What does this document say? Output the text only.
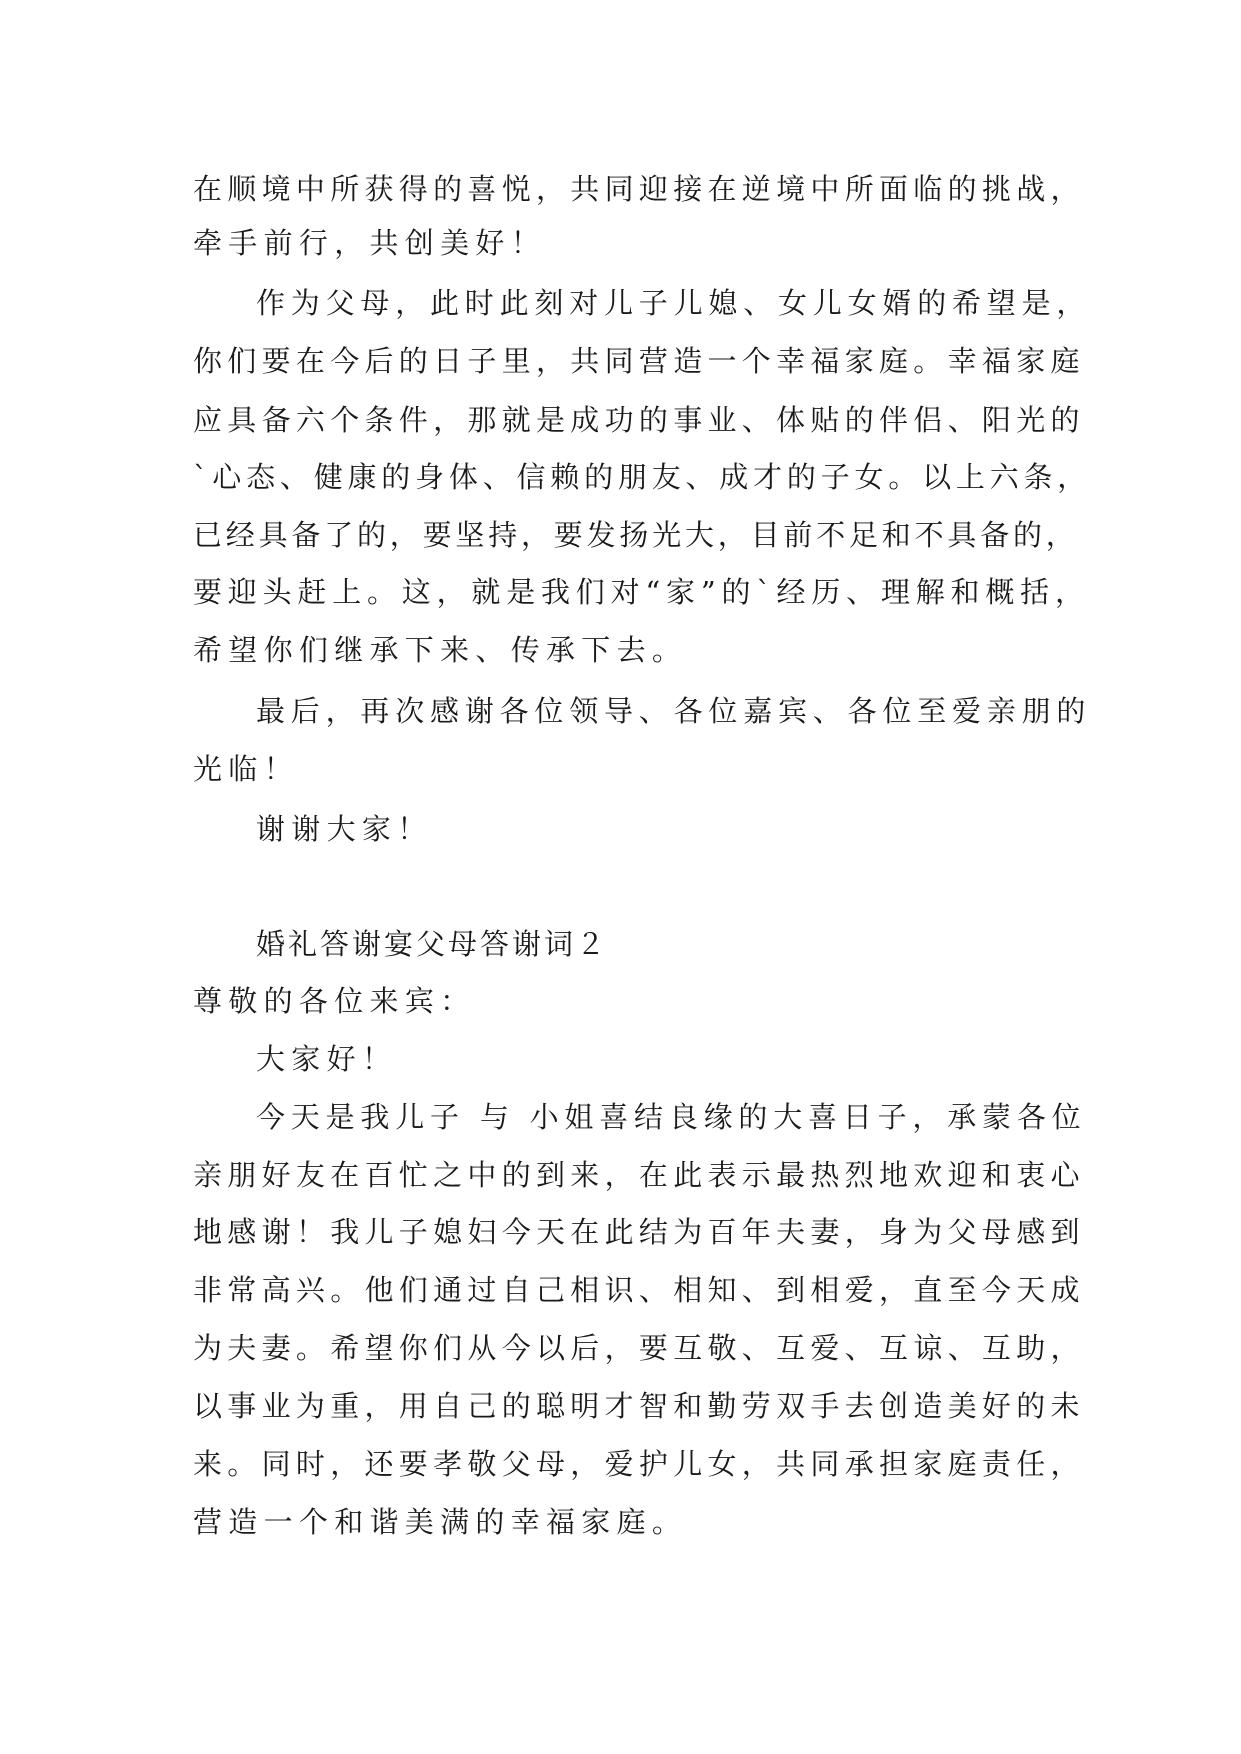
在顺境中所获得的喜悦，共同迎接在逆境中所面临的挑战，
牵手前行，共创美好！
作为父母，此时此刻对儿子儿媳、女儿女婿的希望是，
你们要在今后的日子里，共同营造一个幸福家庭。幸福家庭
应具备六个条件，那就是成功的事业、体贴的伴侣、阳光的
`心态、健康的身体、信赖的朋友、成才的子女。以上六条，
已经具备了的，要坚持，要发扬光大，目前不足和不具备的，
要迎头赶上。这，就是我们对“家”的`经历、理解和概括，
希望你们继承下来、传承下去。
最后，再次感谢各位领导、各位嘉宾、各位至爱亲朋的
光临！
谢谢大家！
婚礼答谢宴父母答谢词２
尊敬的各位来宾：
大家好！
今天是我儿子 与 小姐喜结良缘的大喜日子，承蒙各位
亲朋好友在百忙之中的到来，在此表示最热烈地欢迎和衷心
地感谢！我儿子媳妇今天在此结为百年夫妻，身为父母感到
非常高兴。他们通过自己相识、相知、到相爱，直至今天成
为夫妻。希望你们从今以后，要互敬、互爱、互谅、互助，
以事业为重，用自己的聪明才智和勤劳双手去创造美好的未
来。同时，还要孝敬父母，爱护儿女，共同承担家庭责任，
营造一个和谐美满的幸福家庭。
